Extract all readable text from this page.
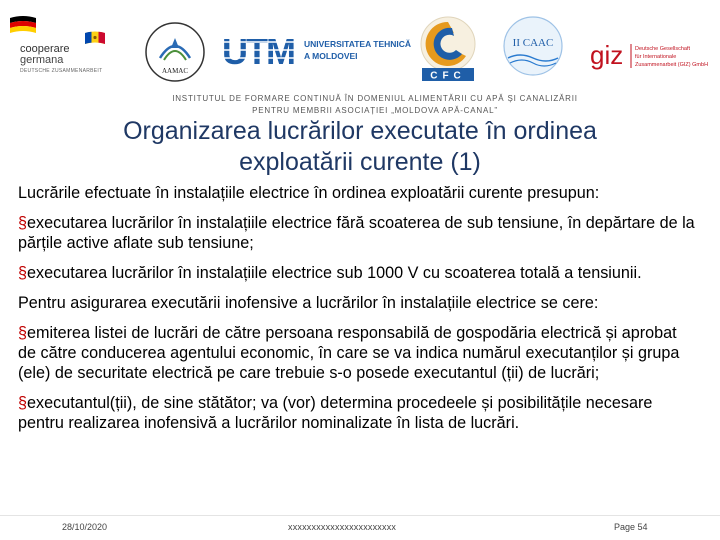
cooperare
germana
DEUTSCHE ZUSAMMENARBEIT	AAMAC UTM UNIVERSITATEA TEHNICĂ
A MOLDOVEI
CFC
II CAAC giz Deutsche Gesellschaft
für Internationale
Zusammenarbeit (GIZ) GmbH
INSTITUTUL DE FORMARE CONTINUĂ ÎN DOMENIUL ALIMENTĂRII CU APĂ ȘI CANALIZĂRII
PENTRU MEMBRII ASOCIAȚIEI „MOLDOVA APĂ-CANAL”
Organizarea lucrărilor executate în ordinea
exploatării curente (1)

Lucrările efectuate în instalațiile electrice în ordinea exploatării curente presupun:

§executarea lucrărilor în instalațiile electrice fără scoaterea de sub tensiune, în depărtare de la părțile active aflate sub tensiune;

§executarea lucrărilor în instalațiile electrice sub 1000 V cu scoaterea totală a tensiunii.

Pentru asigurarea executării inofensive a lucrărilor în instalațiile electrice se cere:

§emiterea listei de lucrări de către persoana responsabilă de gospodăria electrică și aprobat de către conducerea agentului economic, în care se va indica numărul executanților și grupa (ele) de securitate electrică pe care trebuie s-o posede executantul (ții) de lucrări;

§executantul(ții), de sine stătător; va (vor) determina procedeele și posibilitățile necesare pentru realizarea inofensivă a lucrărilor nominalizate în lista de lucrări.

28/10/2020	xxxxxxxxxxxxxxxxxxxxxxx	Page 54
